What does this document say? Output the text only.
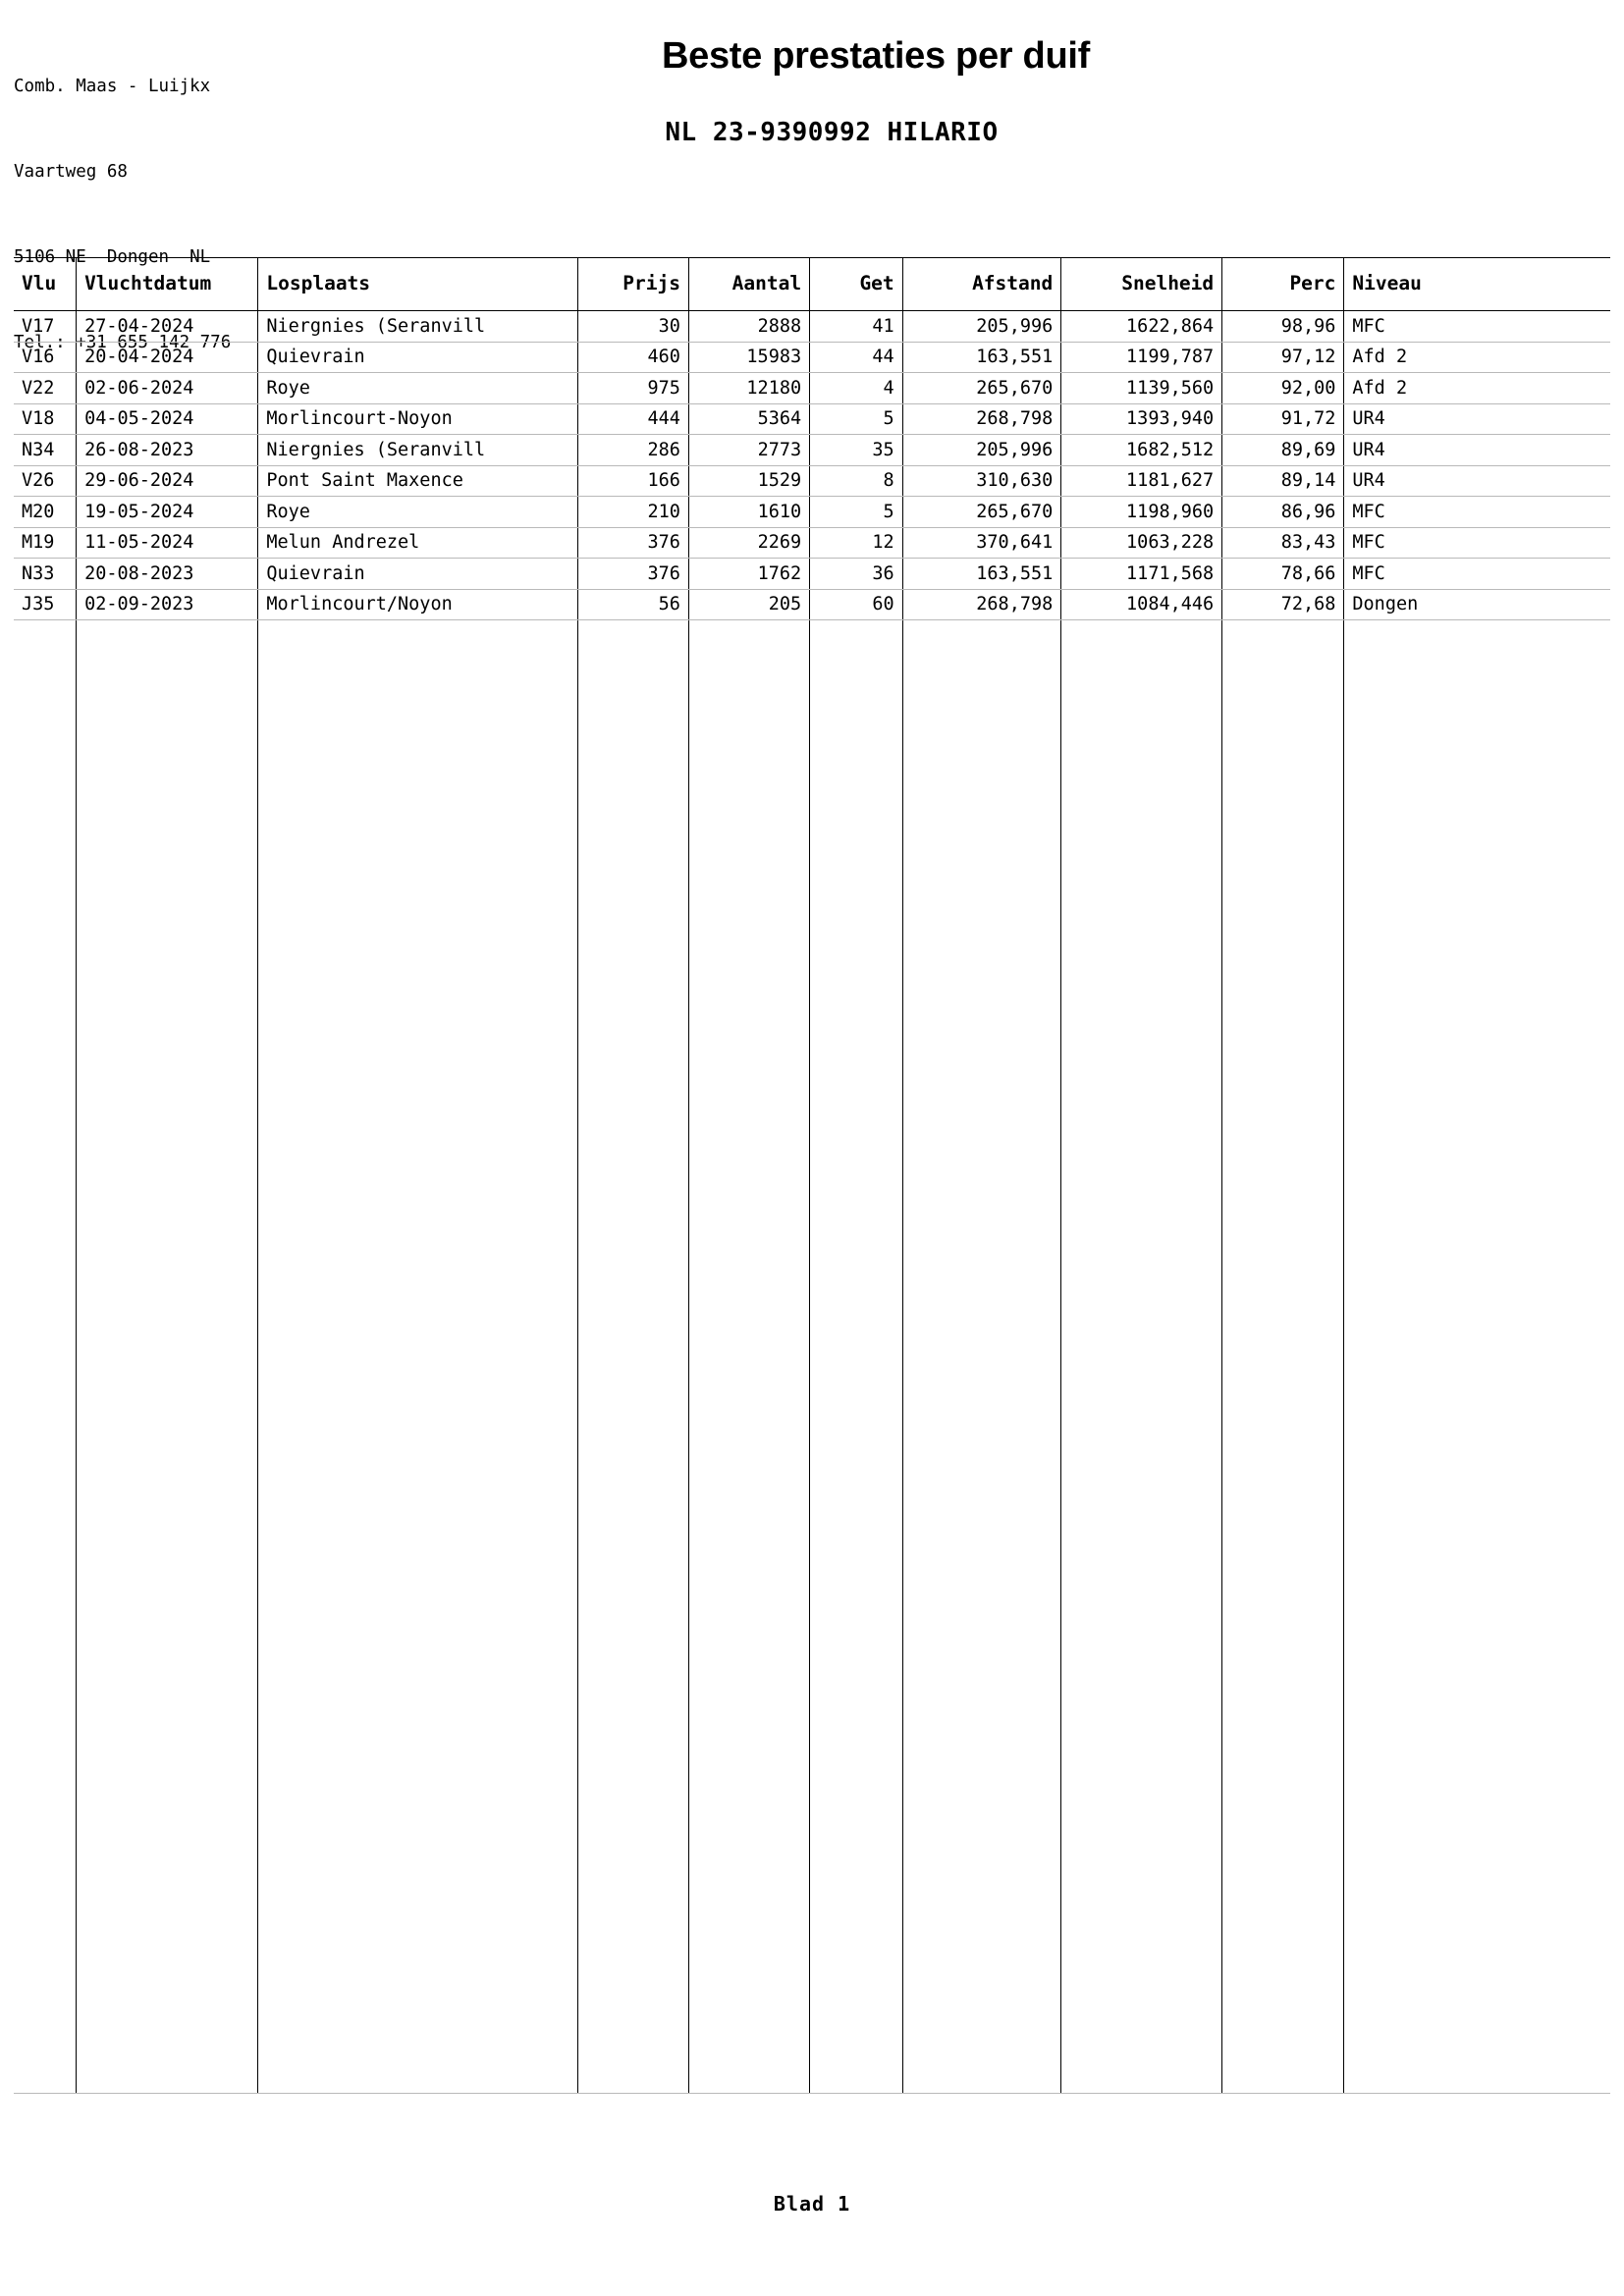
Comb. Maas - Luijkx

Vaartweg 68

5106 NE  Dongen  NL

Tel.: +31 655 142 776

Beste prestaties per duif
NL 23-9390992 HILARIO
Vlu	Vluchtdatum	Losplaats	Prijs	Aantal	Get	Afstand	Snelheid	Perc	Niveau
V17	27-04-2024	Niergnies (Seranvill	30	2888	41	205,996	1622,864	98,96	MFC
V16	20-04-2024	Quievrain	460	15983	44	163,551	1199,787	97,12	Afd 2
V22	02-06-2024	Roye	975	12180	4	265,670	1139,560	92,00	Afd 2
V18	04-05-2024	Morlincourt-Noyon	444	5364	5	268,798	1393,940	91,72	UR4
N34	26-08-2023	Niergnies (Seranvill	286	2773	35	205,996	1682,512	89,69	UR4
V26	29-06-2024	Pont Saint Maxence	166	1529	8	310,630	1181,627	89,14	UR4
M20	19-05-2024	Roye	210	1610	5	265,670	1198,960	86,96	MFC
M19	11-05-2024	Melun Andrezel	376	2269	12	370,641	1063,228	83,43	MFC
N33	20-08-2023	Quievrain	376	1762	36	163,551	1171,568	78,66	MFC
J35	02-09-2023	Morlincourt/Noyon	56	205	60	268,798	1084,446	72,68	Dongen

Blad 1
